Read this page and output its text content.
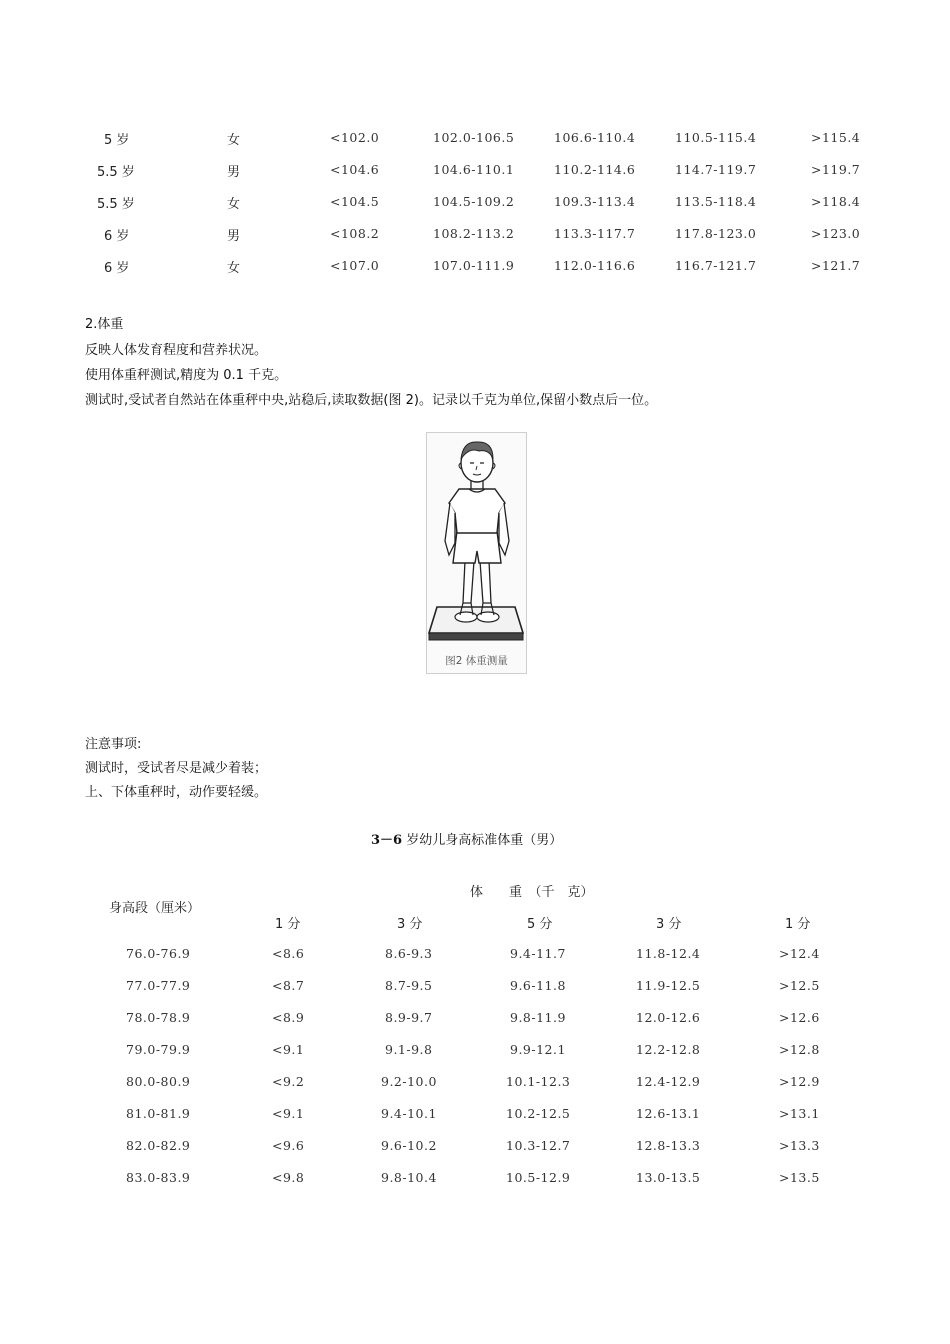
5 岁	女	<102.0	102.0-106.5	106.6-110.4	110.5-115.4	>115.4
5.5 岁	男	<104.6	104.6-110.1	110.2-114.6	114.7-119.7	>119.7
5.5 岁	女	<104.5	104.5-109.2	109.3-113.4	113.5-118.4	>118.4
6 岁	男	<108.2	108.2-113.2	113.3-117.7	117.8-123.0	>123.0
6 岁	女	<107.0	107.0-111.9	112.0-116.6	116.7-121.7	>121.7
2.体重
反映人体发育程度和营养状况。
使用体重秤测试,精度为 0.1 千克。
测试时,受试者自然站在体重秤中央,站稳后,读取数据(图 2)。记录以千克为单位,保留小数点后一位。
图2 体重测量
注意事项:
测试时，受试者尽是减少着装；
上、下体重秤时，动作要轻缓。
3－6 岁幼儿身高标准体重（男）
体　　重　（千　克）
身高段（厘米）
1 分	3 分	5 分	3 分	1 分
76.0-76.9	<8.6	8.6-9.3	9.4-11.7	11.8-12.4	>12.4
77.0-77.9	<8.7	8.7-9.5	9.6-11.8	11.9-12.5	>12.5
78.0-78.9	<8.9	8.9-9.7	9.8-11.9	12.0-12.6	>12.6
79.0-79.9	<9.1	9.1-9.8	9.9-12.1	12.2-12.8	>12.8
80.0-80.9	<9.2	9.2-10.0	10.1-12.3	12.4-12.9	>12.9
81.0-81.9	<9.1	9.4-10.1	10.2-12.5	12.6-13.1	>13.1
82.0-82.9	<9.6	9.6-10.2	10.3-12.7	12.8-13.3	>13.3
83.0-83.9	<9.8	9.8-10.4	10.5-12.9	13.0-13.5	>13.5
